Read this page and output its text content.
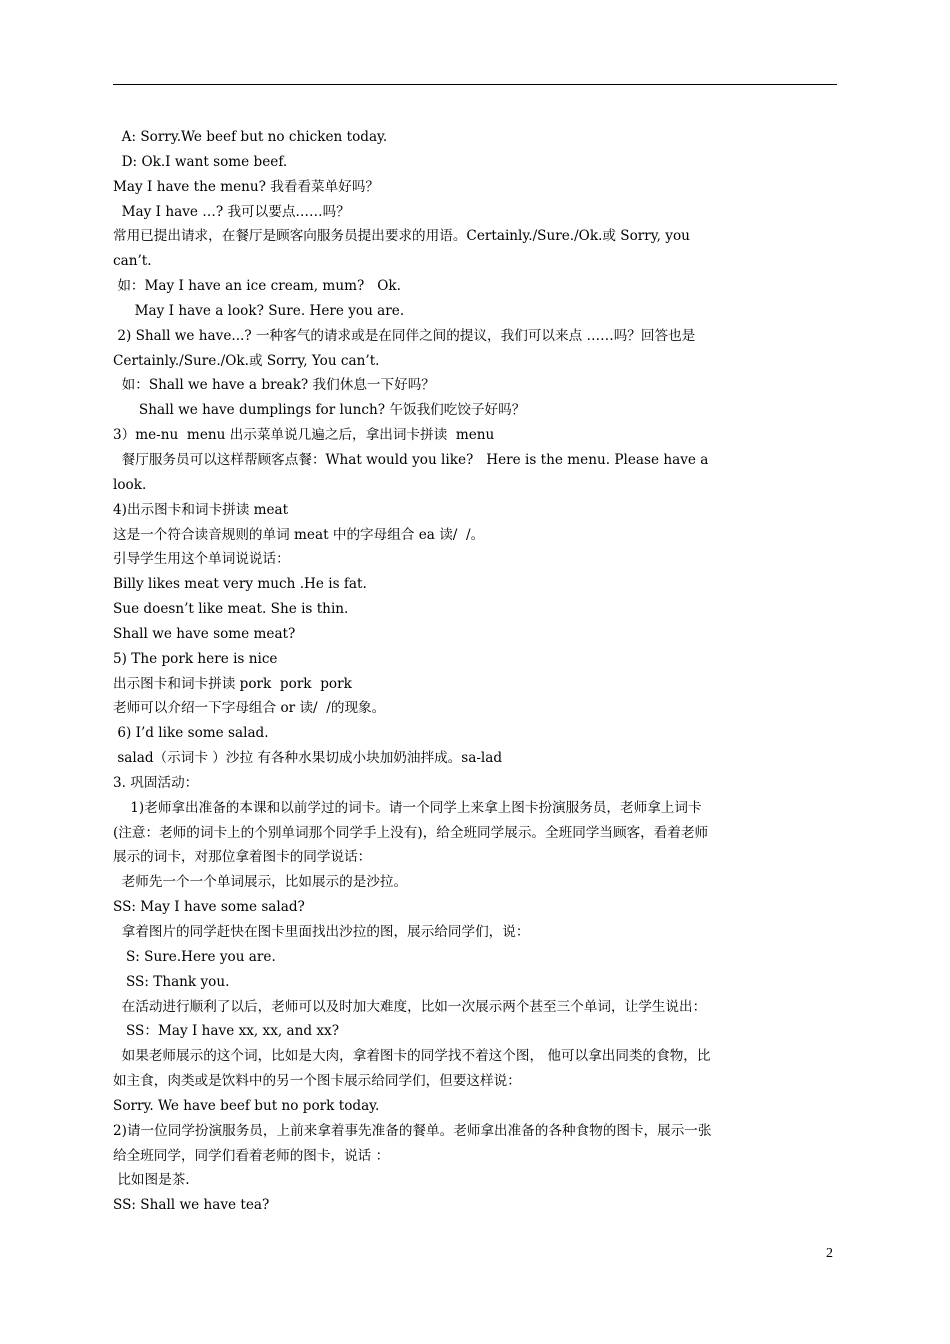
A: Sorry.We beef but no chicken today.
D: Ok.I want some beef.
May I have the menu? 我看看菜单好吗？
May I have …? 我可以要点……吗？
常用已提出请求，在餐厅是顾客向服务员提出要求的用语。Certainly./Sure./Ok.或 Sorry, you
can’t.
如：May I have an ice cream, mum?   Ok.
May I have a look? Sure. Here you are.
2) Shall we have...? 一种客气的请求或是在同伴之间的提议，我们可以来点 ……吗？回答也是
Certainly./Sure./Ok.或 Sorry, You can’t.
如：Shall we have a break? 我们休息一下好吗？
Shall we have dumplings for lunch? 午饭我们吃饺子好吗？
3）me-nu  menu 出示菜单说几遍之后，拿出词卡拼读  menu
餐厅服务员可以这样帮顾客点餐：What would you like?   Here is the menu. Please have a
look.
4)出示图卡和词卡拼读 meat
这是一个符合读音规则的单词 meat 中的字母组合 ea 读/  /。
引导学生用这个单词说说话：
Billy likes meat very much .He is fat.
Sue doesn’t like meat. She is thin.
Shall we have some meat?
5) The pork here is nice
出示图卡和词卡拼读 pork  pork  pork
老师可以介绍一下字母组合 or 读/  /的现象。
6) I’d like some salad.
salad（示词卡 ）沙拉 有各种水果切成小块加奶油拌成。sa-lad
3. 巩固活动：
1)老师拿出准备的本课和以前学过的词卡。请一个同学上来拿上图卡扮演服务员，老师拿上词卡
(注意：老师的词卡上的个别单词那个同学手上没有)，给全班同学展示。全班同学当顾客，看着老师
展示的词卡，对那位拿着图卡的同学说话：
老师先一个一个单词展示，比如展示的是沙拉。
SS: May I have some salad?
拿着图片的同学赶快在图卡里面找出沙拉的图，展示给同学们，说：
S: Sure.Here you are.
SS: Thank you.
在活动进行顺利了以后，老师可以及时加大难度，比如一次展示两个甚至三个单词，让学生说出：
SS：May I have xx, xx, and xx?
如果老师展示的这个词，比如是大肉，拿着图卡的同学找不着这个图， 他可以拿出同类的食物，比
如主食，肉类或是饮料中的另一个图卡展示给同学们，但要这样说：
Sorry. We have beef but no pork today.
2)请一位同学扮演服务员，上前来拿着事先准备的餐单。老师拿出准备的各种食物的图卡，展示一张
给全班同学，同学们看着老师的图卡，说话 ：
比如图是茶.
SS: Shall we have tea?
2
